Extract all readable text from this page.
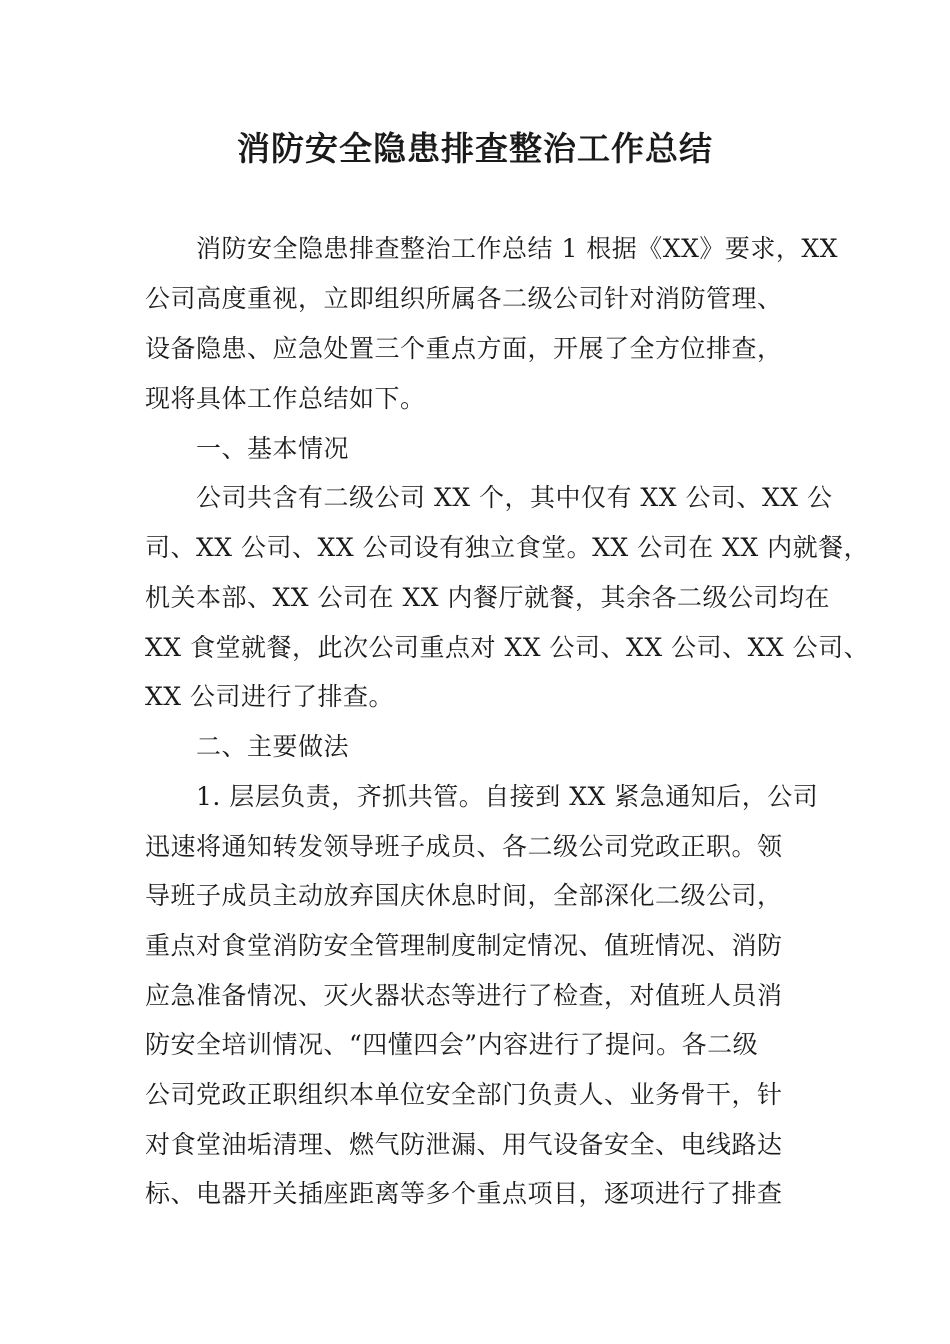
消防安全隐患排查整治工作总结
消防安全隐患排查整治工作总结 1 根据《XX》要求，XX
公司高度重视，立即组织所属各二级公司针对消防管理、
设备隐患、应急处置三个重点方面，开展了全方位排查，
现将具体工作总结如下。
一、基本情况
公司共含有二级公司 XX 个，其中仅有 XX 公司、XX 公
司、XX 公司、XX 公司设有独立食堂。XX 公司在 XX 内就餐，
机关本部、XX 公司在 XX 内餐厅就餐，其余各二级公司均在
XX 食堂就餐，此次公司重点对 XX 公司、XX 公司、XX 公司、
XX 公司进行了排查。
二、主要做法
1. 层层负责，齐抓共管。自接到 XX 紧急通知后，公司
迅速将通知转发领导班子成员、各二级公司党政正职。领
导班子成员主动放弃国庆休息时间，全部深化二级公司，
重点对食堂消防安全管理制度制定情况、值班情况、消防
应急准备情况、灭火器状态等进行了检查，对值班人员消
防安全培训情况、“四懂四会”内容进行了提问。各二级
公司党政正职组织本单位安全部门负责人、业务骨干，针
对食堂油垢清理、燃气防泄漏、用气设备安全、电线路达
标、电器开关插座距离等多个重点项目，逐项进行了排查
